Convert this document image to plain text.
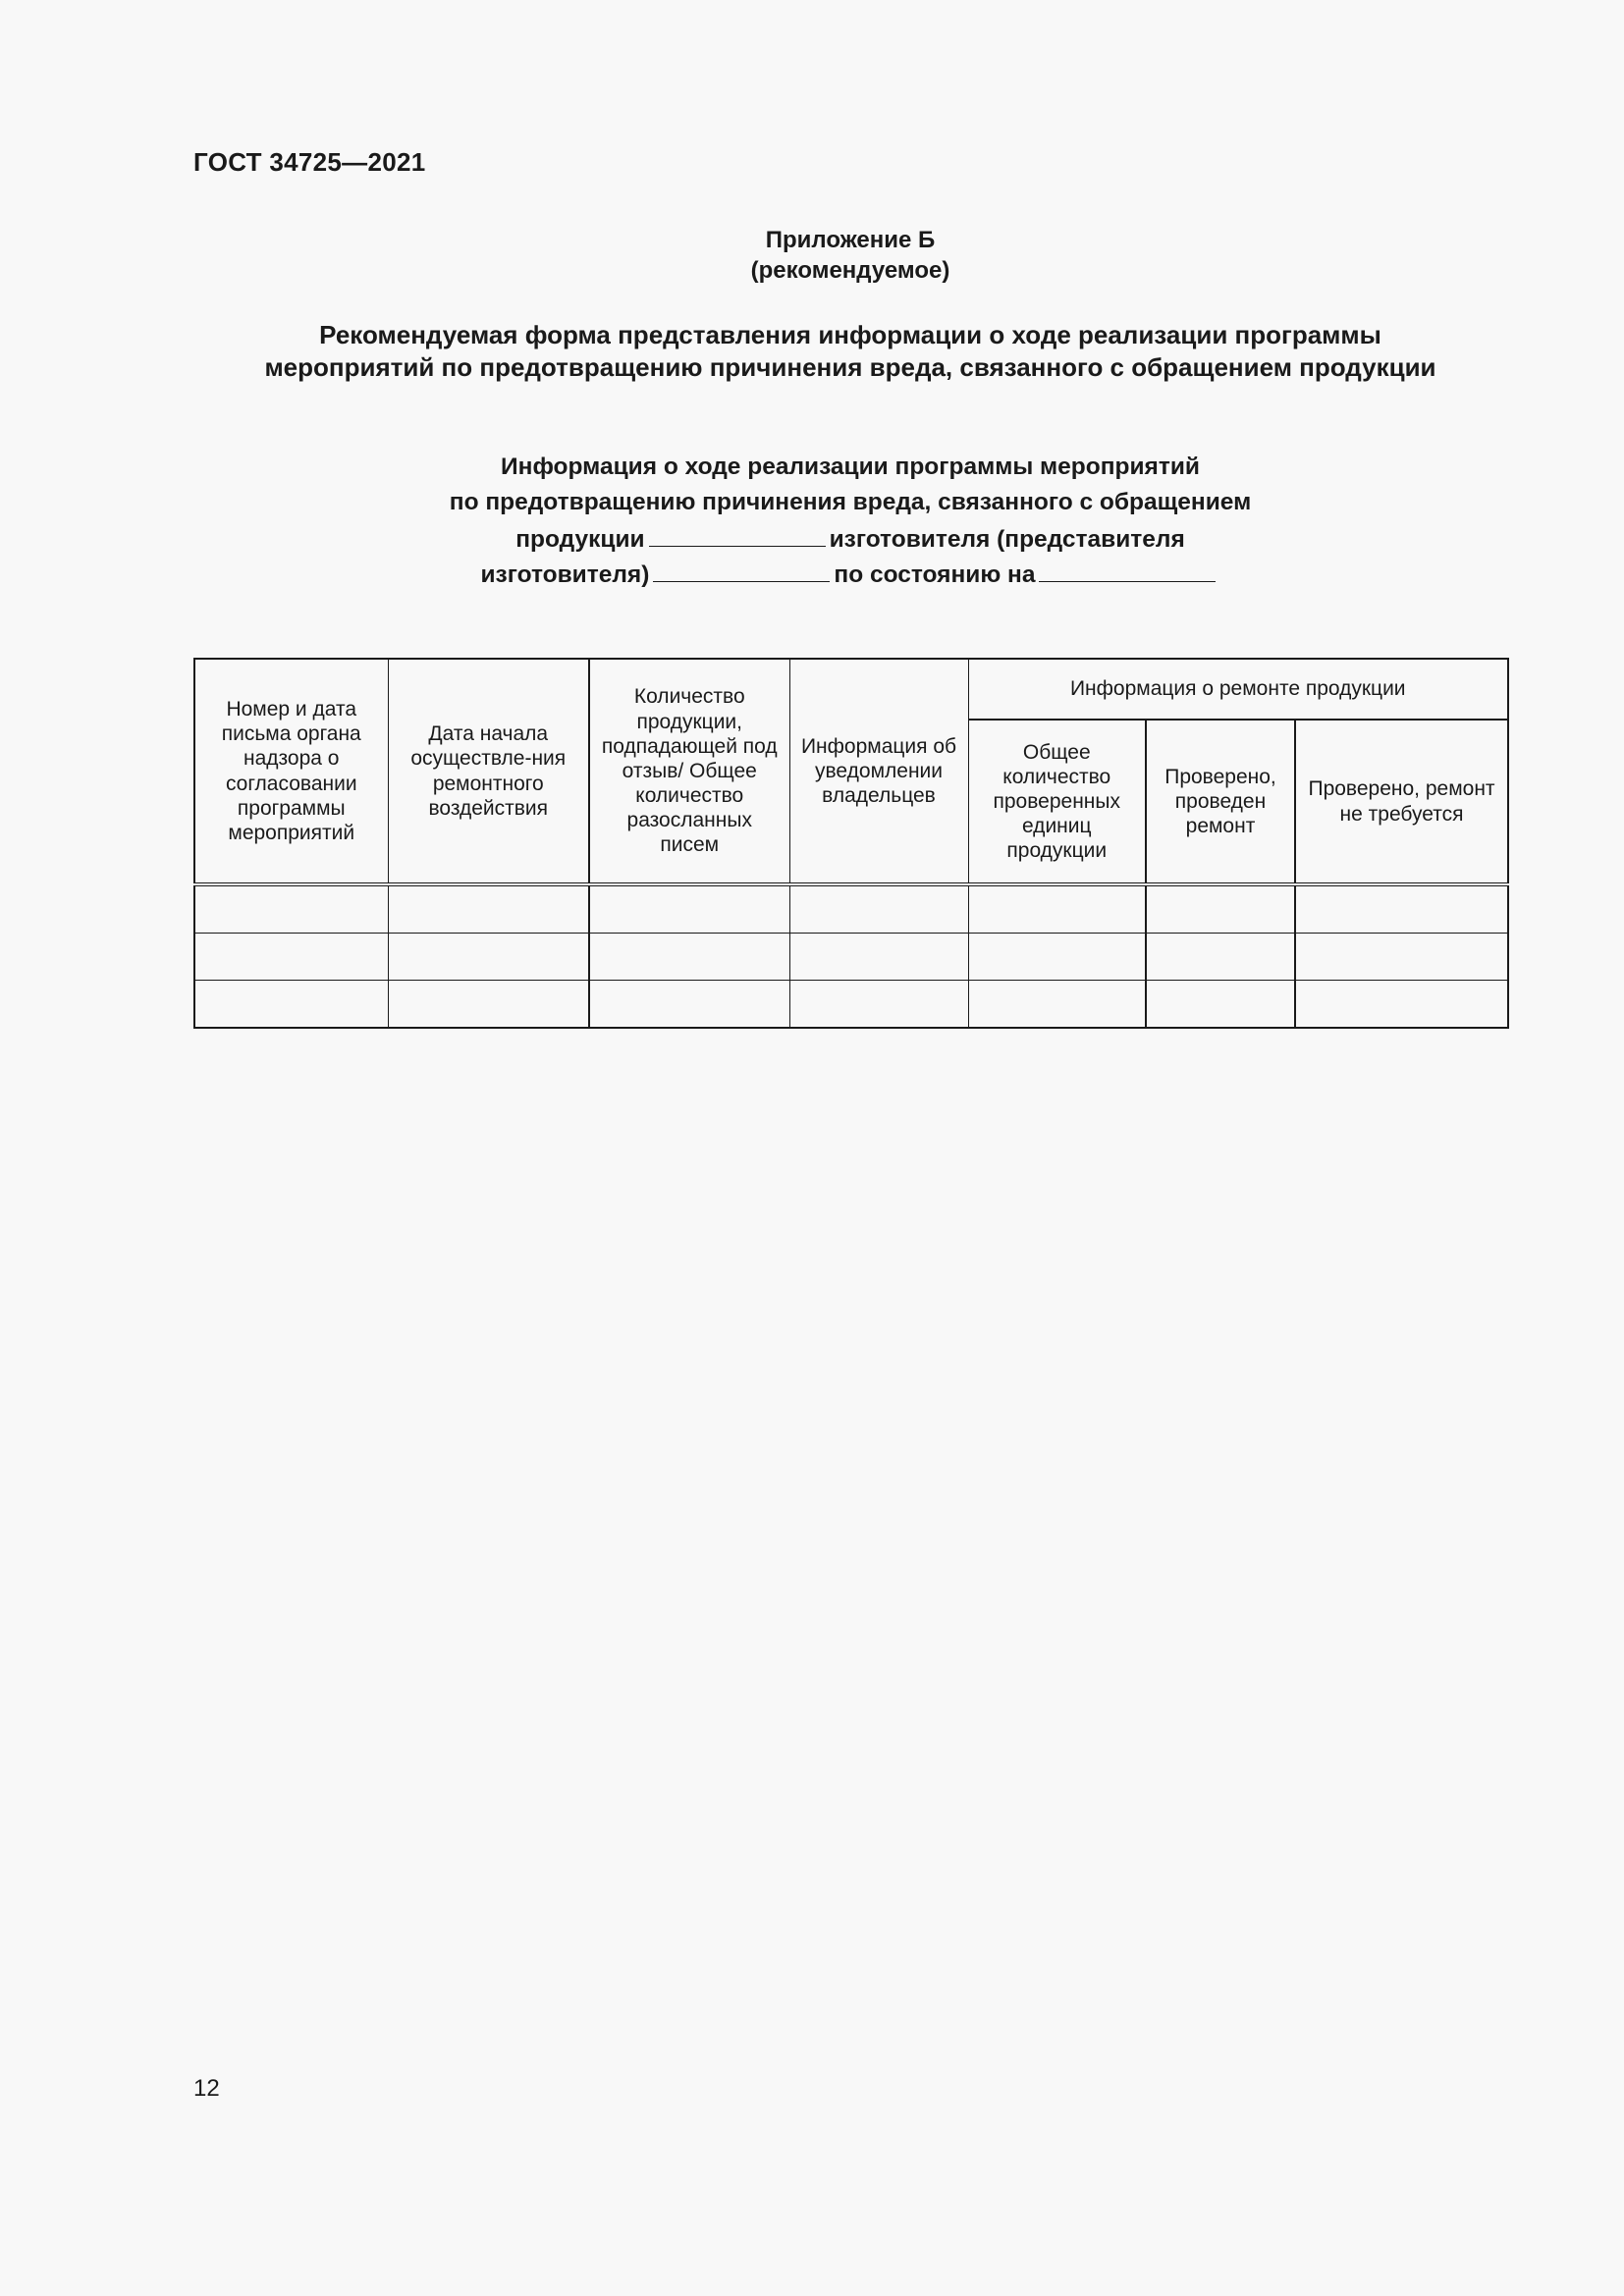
ГОСТ 34725—2021
Приложение Б
(рекомендуемое)
Рекомендуемая форма представления информации о ходе реализации программы
мероприятий по предотвращению причинения вреда, связанного с обращением продукции
Информация о ходе реализации программы мероприятий
по предотвращению причинения вреда, связанного с обращением
продукции	изготовителя (представителя
изготовителя)	по состоянию на
Номер и дата письма органа надзора о согласовании программы мероприятий	Дата начала осуществле-ния ремонтного воздействия	Количество продукции, подпадающей под отзыв/ Общее количество разосланных писем	Информация об уведомлении владельцев	Информация о ремонте продукции		
				Общее количество проверенных единиц продукции	Проверено, проведен ремонт	Проверено, ремонт не требуется

12
